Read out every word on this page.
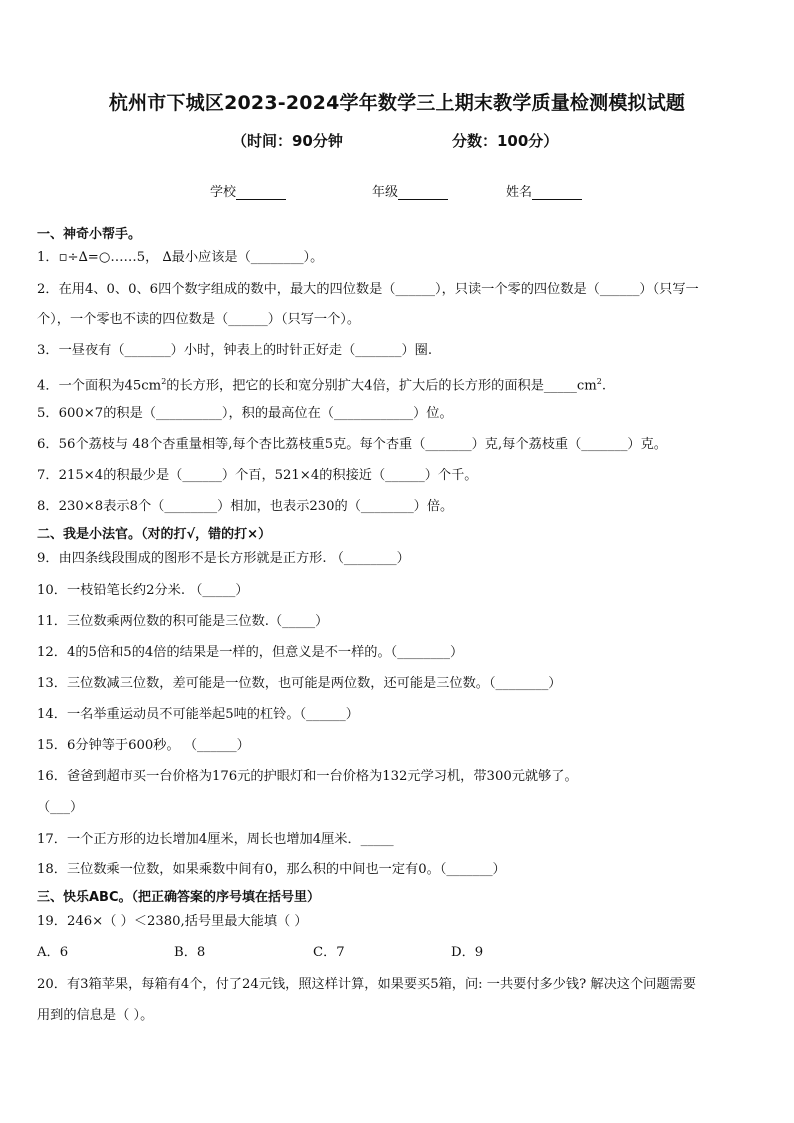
杭州市下城区2023-2024学年数学三上期末教学质量检测模拟试题
（时间：90分钟	分数：100分）
学校	年级	姓名
一、神奇小帮手。
1．▫÷∆=○……5， ∆最小应该是（________）。
2．在用4、0、0、6四个数字组成的数中，最大的四位数是（______），只读一个零的四位数是（______）（只写一
个），一个零也不读的四位数是（______）（只写一个）。
3．一昼夜有（_______）小时，钟表上的时针正好走（_______）圈.
4．一个面积为$45cm^2$的长方形，把它的长和宽分别扩大4倍，扩大后的长方形的面积是$\_\_\_\_\_cm^2$.
5．600×7的积是（__________），积的最高位在（____________）位。
6．56个荔枝与 48个杏重量相等,每个杏比荔枝重5克。每个杏重（_______）克,每个荔枝重（_______）克。
7．215×4的积最少是（______）个百，521×4的积接近（______）个千。
8．230×8表示8个（________）相加，也表示230的（________）倍。
二、我是小法官。（对的打√，错的打×）
9．由四条线段围成的图形不是长方形就是正方形. （________）
10．一枝铅笔长约2分米. （_____）
11．三位数乘两位数的积可能是三位数.（_____）
12．4的5倍和5的4倍的结果是一样的，但意义是不一样的。（________）
13．三位数减三位数，差可能是一位数，也可能是两位数，还可能是三位数。（________）
14．一名举重运动员不可能举起5吨的杠铃。（______）
15．6分钟等于600秒。 （______）
16．爸爸到超市买一台价格为176元的护眼灯和一台价格为132元学习机，带300元就够了。
（___）
17．一个正方形的边长增加4厘米，周长也增加4厘米．_____
18．三位数乘一位数，如果乘数中间有0，那么积的中间也一定有0。（_______）
三、快乐ABC。（把正确答案的序号填在括号里）
19．246×（ ）＜2380,括号里最大能填（ ）
A．6	B．8	C．7	D．9
20．有3箱苹果，每箱有4个，付了24元钱，照这样计算，如果要买5箱，问: 一共要付多少钱? 解决这个问题需要
用到的信息是（ ）。
